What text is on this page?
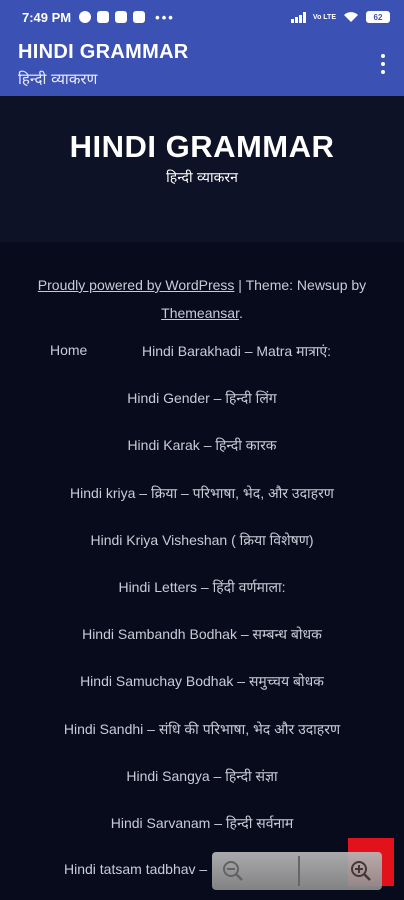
7:49 PM	•••	Vo LTE	62
HINDI GRAMMAR
हिन्दी व्याकरण
HINDI GRAMMAR
हिन्दी व्याकरन
Proudly powered by WordPress | Theme: Newsup by Themeansar.
Home	Hindi Barakhadi – Matra मात्राएं:
Hindi Gender – हिन्दी लिंग
Hindi Karak – हिन्दी कारक
Hindi kriya – क्रिया – परिभाषा, भेद, और उदाहरण
Hindi Kriya Visheshan ( क्रिया विशेषण)
Hindi Letters – हिंदी वर्णमाला:
Hindi Sambandh Bodhak – सम्बन्ध बोधक
Hindi Samuchay Bodhak – समुच्चय बोधक
Hindi Sandhi – संधि की परिभाषा, भेद और उदाहरण
Hindi Sangya – हिन्दी संज्ञा
Hindi Sarvanam – हिन्दी सर्वनाम
Hindi tatsam tadbhav –
